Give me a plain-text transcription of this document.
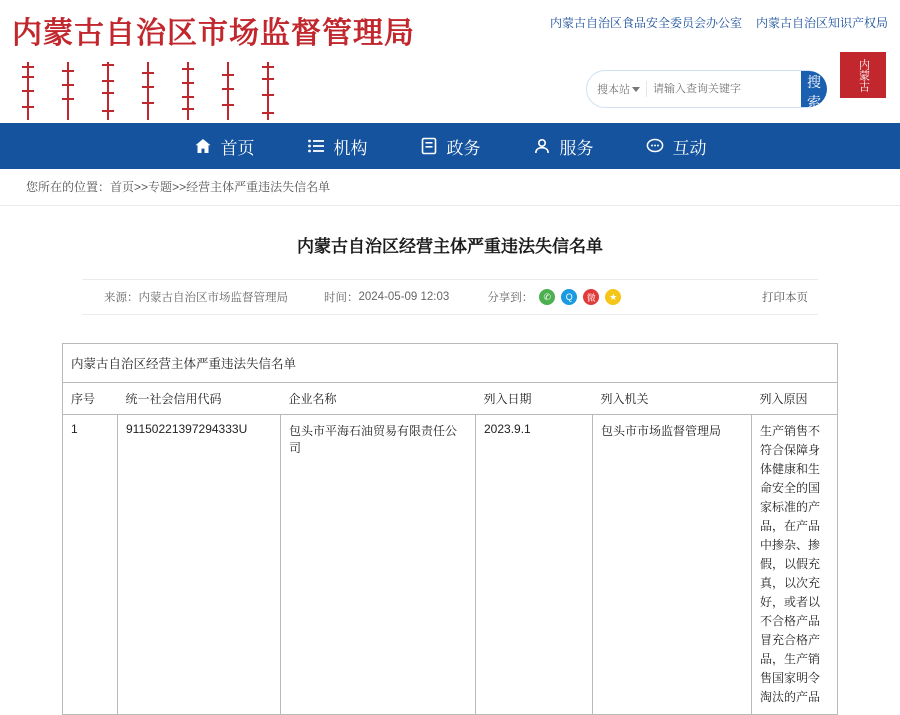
内蒙古自治区市场监督管理局	内蒙古自治区食品安全委员会办公室 内蒙古自治区知识产权局
内蒙古
搜本站
请输入查询关键字	搜索
首页	机构	政务	服务	互动
您所在的位置：首页>>专题>>经营主体严重违法失信名单
内蒙古自治区经营主体严重违法失信名单
来源： 内蒙古自治区市场监督管理局	时间： 2024-05-09 12:03	分享到：	✆	Q	微	★	打印本页
内蒙古自治区经营主体严重违法失信名单					
序号	统一社会信用代码	企业名称	列入日期	列入机关	列入原因
1	91150221397294333U	包头市平海石油贸易有限责任公司	2023.9.1	包头市市场监督管理局	生产销售不符合保障身体健康和生命安全的国家标准的产品，在产品中掺杂、掺假，以假充真，以次充好，或者以不合格产品冒充合格产品，生产销售国家明令淘汰的产品
